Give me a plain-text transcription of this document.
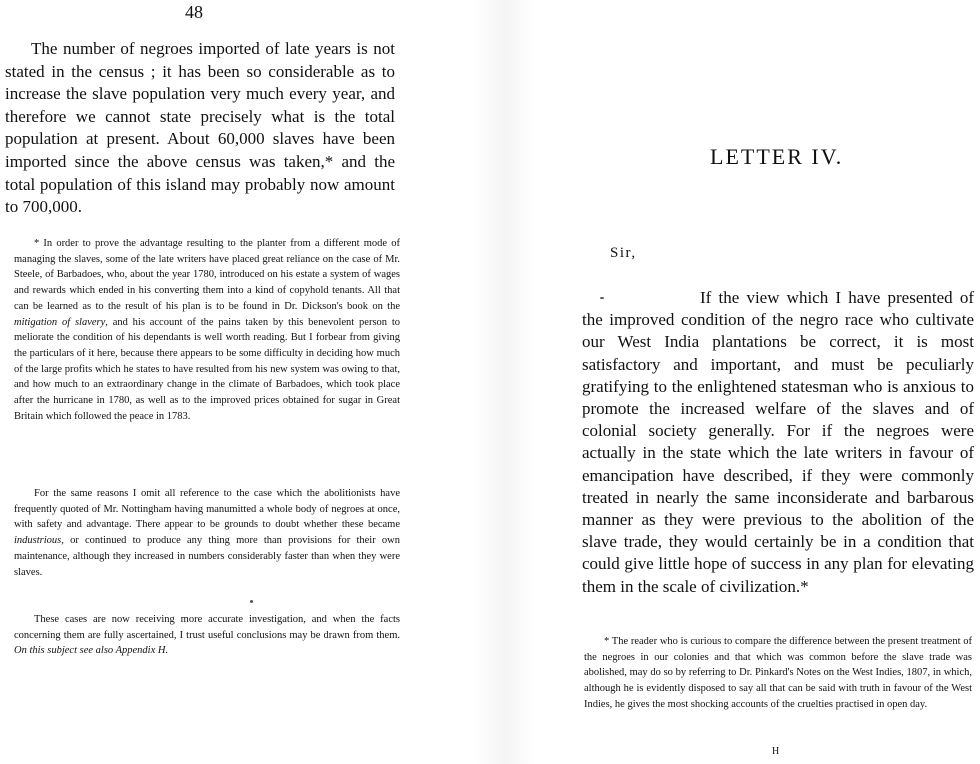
48

The number of negroes imported of late years is not stated in the census ; it has been so considerable as to increase the slave population very much every year, and therefore we cannot state precisely what is the total population at present. About 60,000 slaves have been imported since the above census was taken,* and the total population of this island may probably now amount to 700,000.

* In order to prove the advantage resulting to the planter from a different mode of managing the slaves, some of the late writers have placed great reliance on the case of Mr. Steele, of Barbadoes, who, about the year 1780, introduced on his estate a system of wages and rewards which ended in his converting them into a kind of copyhold tenants. All that can be learned as to the result of his plan is to be found in Dr. Dickson's book on the mitigation of slavery, and his account of the pains taken by this benevolent person to meliorate the condition of his dependants is well worth reading. But I forbear from giving the particulars of it here, because there appears to be some difficulty in deciding how much of the large profits which he states to have resulted from his new system was owing to that, and how much to an extraordinary change in the climate of Barbadoes, which took place after the hurricane in 1780, as well as to the improved prices obtained for sugar in Great Britain which followed the peace in 1783.

For the same reasons I omit all reference to the case which the abolitionists have frequently quoted of Mr. Nottingham having manumitted a whole body of negroes at once, with safety and advantage. There appear to be grounds to doubt whether these became industrious, or continued to produce any thing more than provisions for their own maintenance, although they increased in numbers considerably faster than when they were slaves.

These cases are now receiving more accurate investigation, and when the facts concerning them are fully ascertained, I trust useful conclusions may be drawn from them. On this subject see also Appendix H.

LETTER IV.

Sir,

If the view which I have presented of the improved condition of the negro race who cultivate our West India plantations be correct, it is most satisfactory and important, and must be peculiarly gratifying to the enlightened statesman who is anxious to promote the increased welfare of the slaves and of colonial society generally. For if the negroes were actually in the state which the late writers in favour of emancipation have described, if they were commonly treated in nearly the same inconsiderate and barbarous manner as they were previous to the abolition of the slave trade, they would certainly be in a condition that could give little hope of success in any plan for elevating them in the scale of civilization.*

* The reader who is curious to compare the difference between the present treatment of the negroes in our colonies and that which was common before the slave trade was abolished, may do so by referring to Dr. Pinkard's Notes on the West Indies, 1807, in which, although he is evidently disposed to say all that can be said with truth in favour of the West Indies, he gives the most shocking accounts of the cruelties practised in open day.

H
